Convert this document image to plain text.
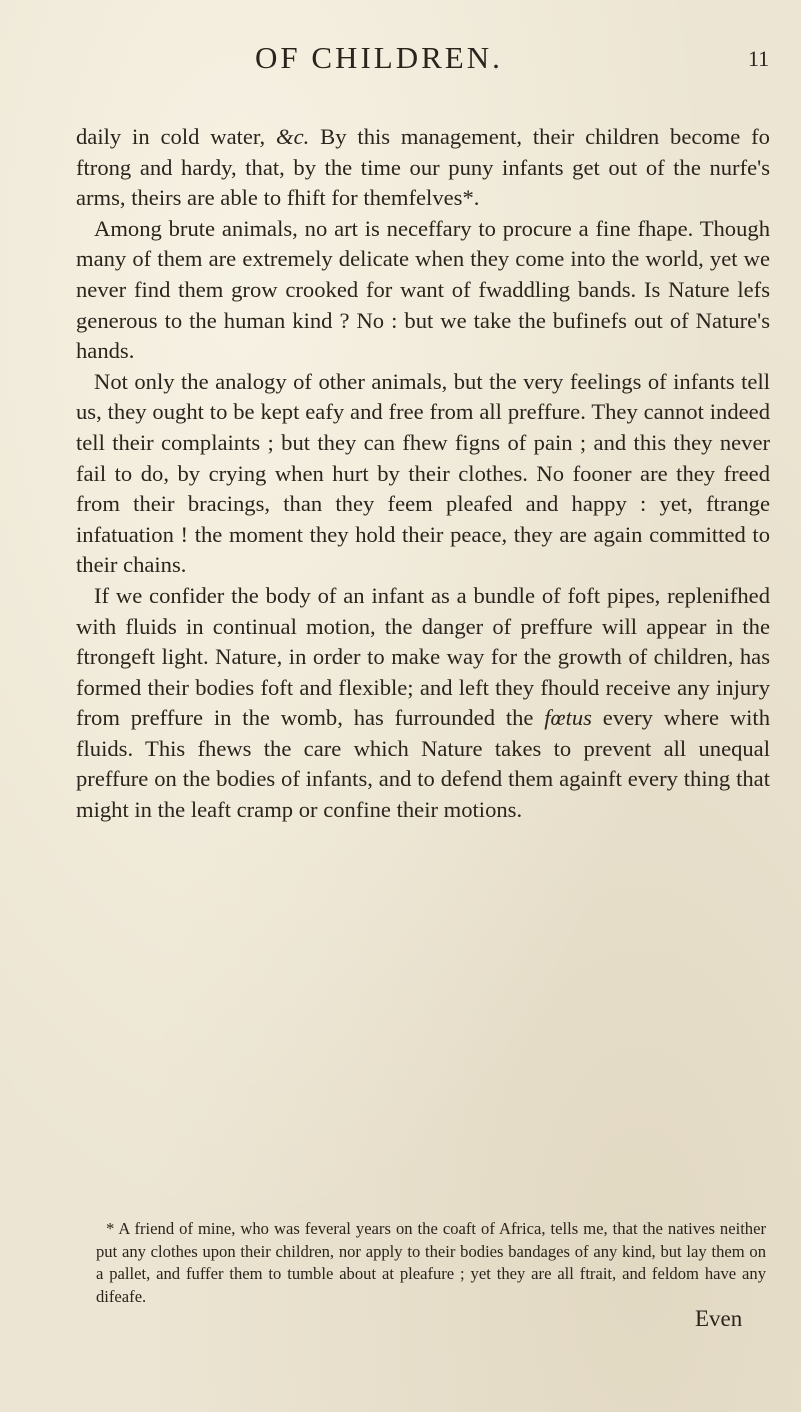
OF CHILDREN.	11

daily in cold water, &c. By this management, their children become fo ftrong and hardy, that, by the time our puny infants get out of the nurfe's arms, theirs are able to fhift for themfelves*.

Among brute animals, no art is neceffary to procure a fine fhape. Though many of them are extremely delicate when they come into the world, yet we never find them grow crooked for want of fwaddling bands. Is Nature lefs generous to the human kind ? No : but we take the bufinefs out of Nature's hands.

Not only the analogy of other animals, but the very feelings of infants tell us, they ought to be kept eafy and free from all preffure. They cannot indeed tell their complaints ; but they can fhew figns of pain ; and this they never fail to do, by crying when hurt by their clothes. No fooner are they freed from their bracings, than they feem pleafed and happy : yet, ftrange infatuation ! the moment they hold their peace, they are again committed to their chains.

If we confider the body of an infant as a bundle of foft pipes, replenifhed with fluids in continual motion, the danger of preffure will appear in the ftrongeft light. Nature, in order to make way for the growth of children, has formed their bodies foft and flexible; and left they fhould receive any injury from preffure in the womb, has furrounded the fœtus every where with fluids. This fhews the care which Nature takes to prevent all unequal preffure on the bodies of infants, and to defend them againft every thing that might in the leaft cramp or confine their motions.

* A friend of mine, who was feveral years on the coaft of Africa, tells me, that the natives neither put any clothes upon their children, nor apply to their bodies bandages of any kind, but lay them on a pallet, and fuffer them to tumble about at pleafure ; yet they are all ftrait, and feldom have any difeafe.

Even
